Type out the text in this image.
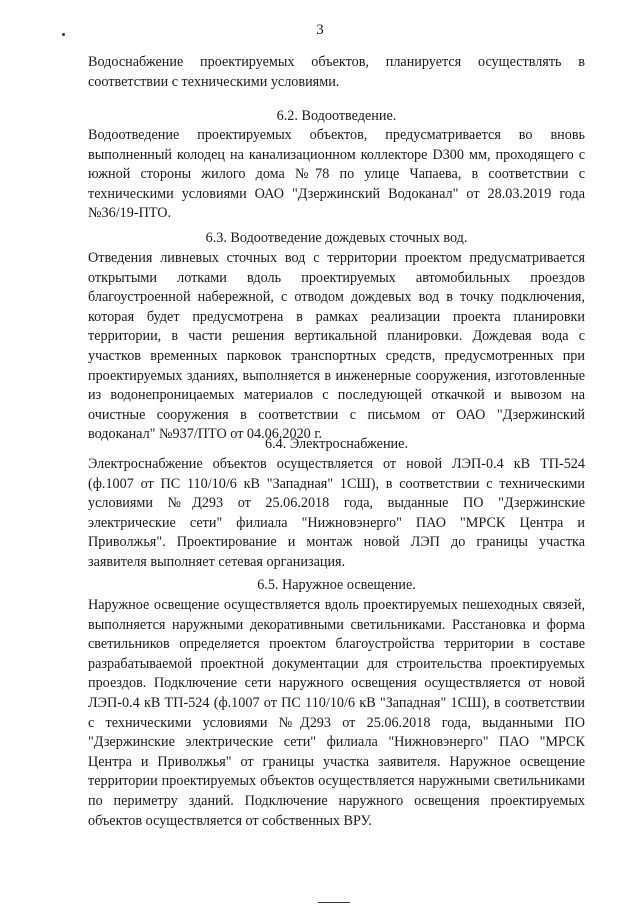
3

Водоснабжение проектируемых объектов, планируется осуществлять в соответствии с техническими условиями.

6.2. Водоотведение.

Водоотведение проектируемых объектов, предусматривается во вновь выполненный колодец на канализационном коллекторе D300 мм, проходящего с южной стороны жилого дома №78 по улице Чапаева, в соответствии с техническими условиями ОАО "Дзержинский Водоканал" от 28.03.2019 года №36/19-ПТО.

6.3. Водоотведение дождевых сточных вод.

Отведения ливневых сточных вод с территории проектом предусматривается открытыми лотками вдоль проектируемых автомобильных проездов благоустроенной набережной, с отводом дождевых вод в точку подключения, которая будет предусмотрена в рамках реализации проекта планировки территории, в части решения вертикальной планировки. Дождевая вода с участков временных парковок транспортных средств, предусмотренных при проектируемых зданиях, выполняется в инженерные сооружения, изготовленные из водонепроницаемых материалов с последующей откачкой и вывозом на очистные сооружения в соответствии с письмом от ОАО "Дзержинский водоканал" №937/ПТО от 04.06.2020 г.

6.4. Электроснабжение.

Электроснабжение объектов осуществляется от новой ЛЭП-0.4 кВ ТП-524 (ф.1007 от ПС 110/10/6 кВ "Западная" 1СШ), в соответствии с техническими условиями №Д293 от 25.06.2018 года, выданные ПО "Дзержинские электрические сети" филиала "Нижновэнерго" ПАО "МРСК Центра и Приволжья". Проектирование и монтаж новой ЛЭП до границы участка заявителя выполняет сетевая организация.

6.5. Наружное освещение.

Наружное освещение осуществляется вдоль проектируемых пешеходных связей, выполняется наружными декоративными светильниками. Расстановка и форма светильников определяется проектом благоустройства территории в составе разрабатываемой проектной документации для строительства проектируемых проездов. Подключение сети наружного освещения осуществляется от новой ЛЭП-0.4 кВ ТП-524 (ф.1007 от ПС 110/10/6 кВ "Западная" 1СШ), в соответствии с техническими условиями №Д293 от 25.06.2018 года, выданными ПО "Дзержинские электрические сети" филиала "Нижновэнерго" ПАО "МРСК Центра и Приволжья" от границы участка заявителя. Наружное освещение территории проектируемых объектов осуществляется наружными светильниками по периметру зданий. Подключение наружного освещения проектируемых объектов осуществляется от собственных ВРУ.
